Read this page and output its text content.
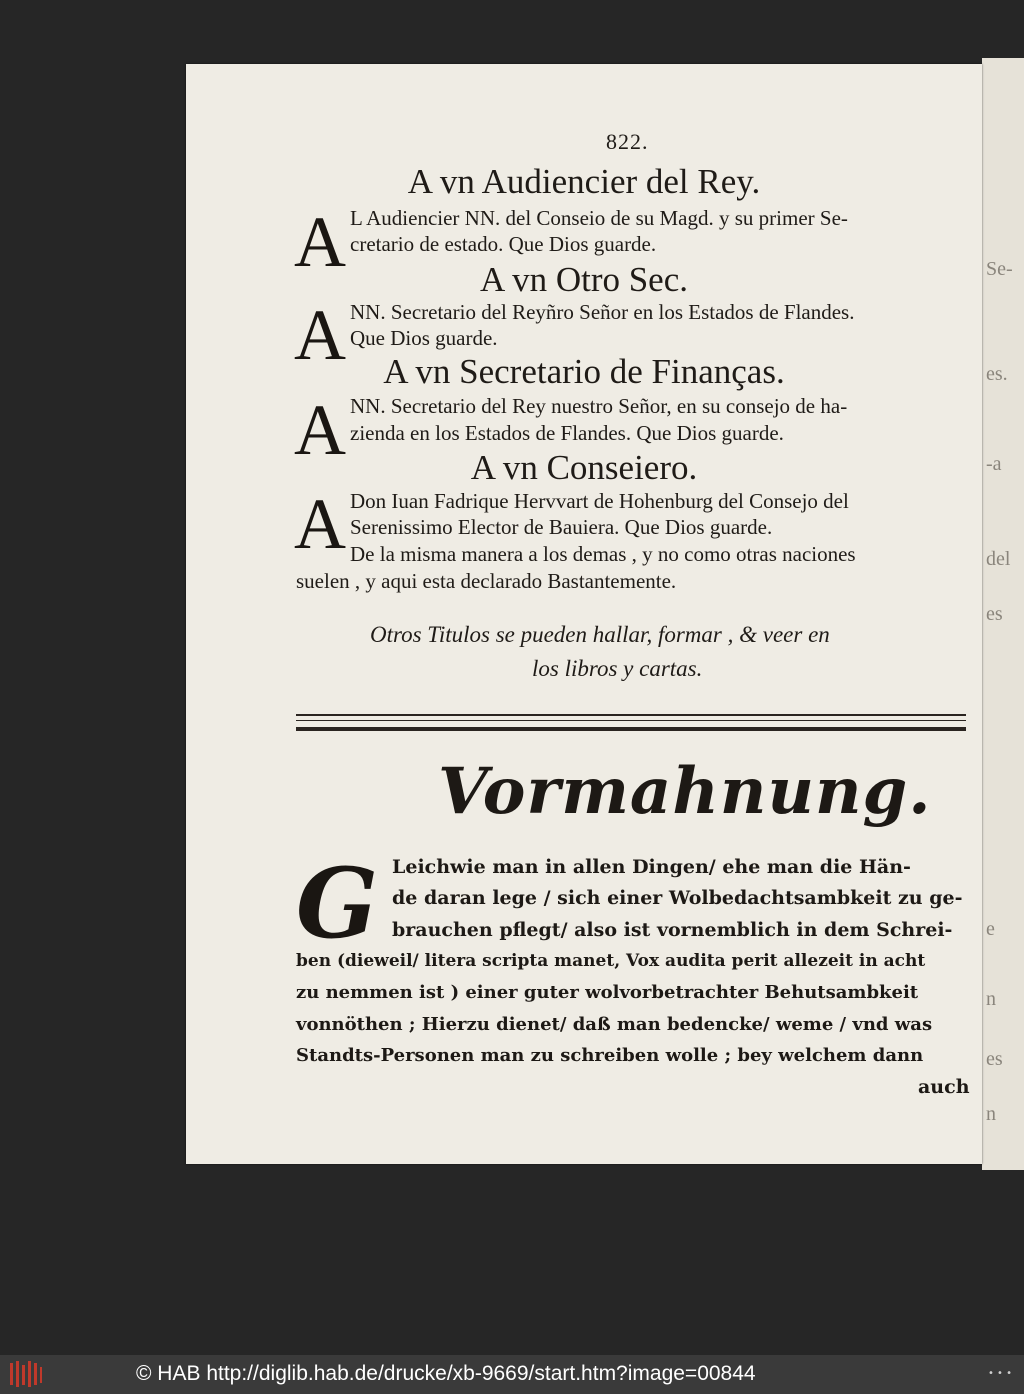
Se-
es.
-a
del
es
e
n
es
n
822.
A vn Audiencier del Rey.
A L Audiencier NN. del Conseio de su Magd. y su primer Se-
cretario de estado. Que Dios guarde.
A vn Otro Sec.
A NN. Secretario del Reyñro Señor en los Estados de Flandes.
Que Dios guarde.
A vn Secretario de Finanças.
A NN. Secretario del Rey nuestro Señor, en su consejo de ha-
zienda en los Estados de Flandes. Que Dios guarde.
A vn Conseiero.
A Don Iuan Fadrique Hervvart de Hohenburg del Consejo del
Serenissimo Elector de Bauiera. Que Dios guarde.
De la misma manera a los demas , y no como otras naciones
suelen , y aqui esta declarado Bastantemente.
Otros Titulos se pueden hallar, formar , & veer en
los libros y cartas.
Vormahnung.
G Leichwie man in allen Dingen/ ehe man die Hän-
de daran lege / sich einer Wolbedachtsambkeit zu ge-
brauchen pflegt/ also ist vornemblich in dem Schrei-
ben (dieweil/ litera scripta manet, Vox audita perit allezeit in acht
zu nemmen ist ) einer guter wolvorbetrachter Behutsambkeit
vonnöthen ; Hierzu dienet/ daß man bedencke/ weme / vnd was
Standts-Personen man zu schreiben wolle ; bey welchem dann
auch
© HAB http://diglib.hab.de/drucke/xb-9669/start.htm?image=00844	• • •
